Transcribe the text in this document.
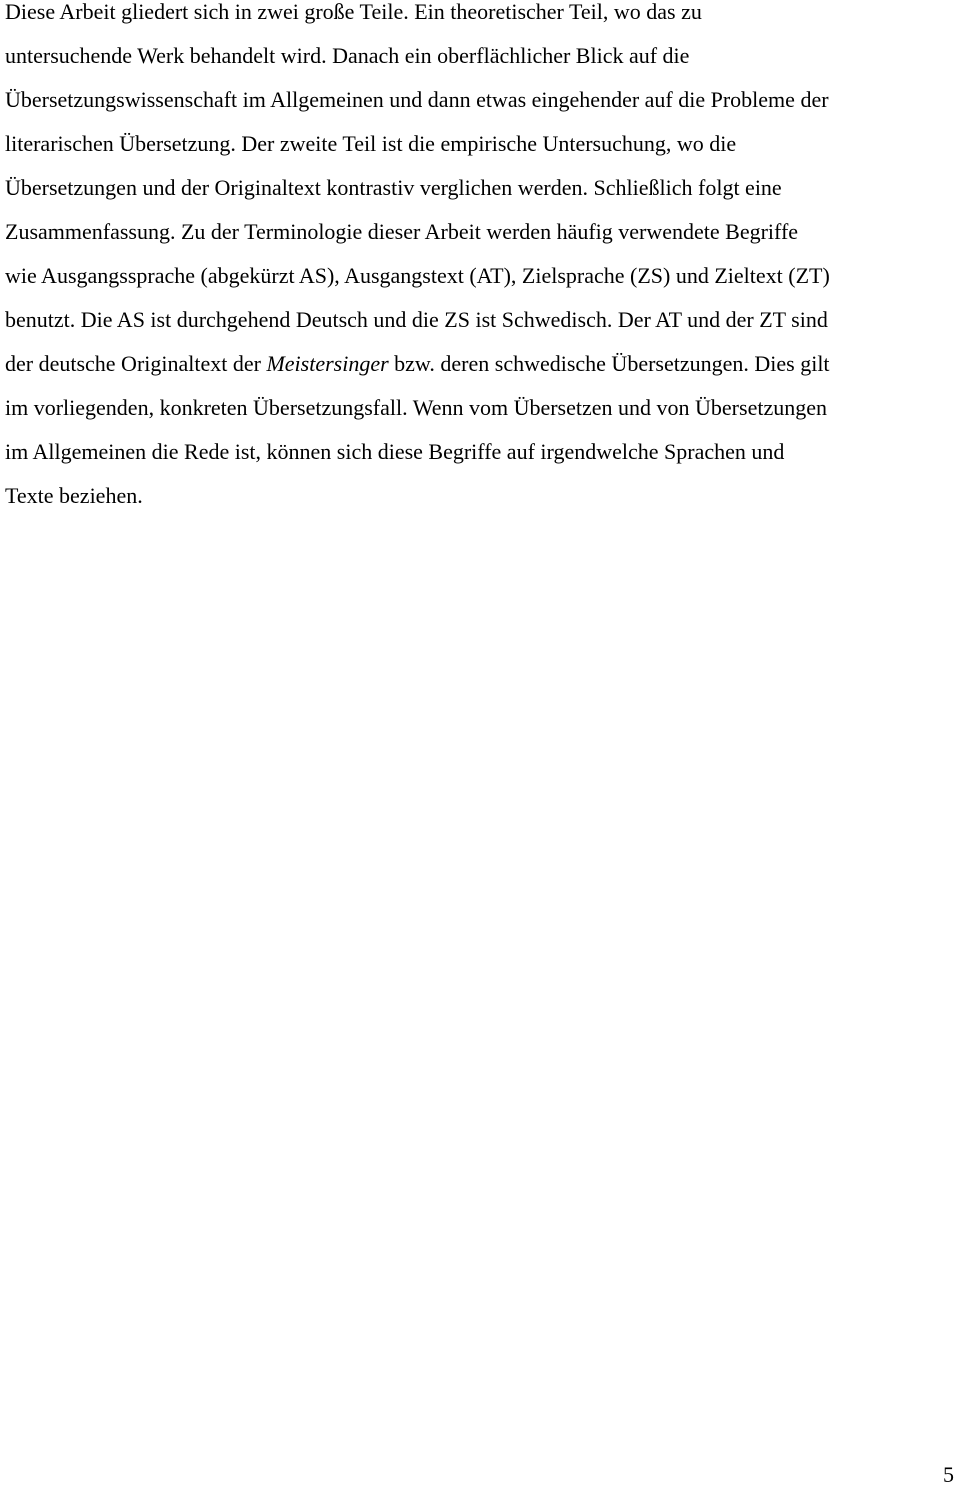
Diese Arbeit gliedert sich in zwei große Teile. Ein theoretischer Teil, wo das zu
untersuchende Werk behandelt wird. Danach ein oberflächlicher Blick auf die
Übersetzungswissenschaft im Allgemeinen und dann etwas eingehender auf die Probleme der
literarischen Übersetzung. Der zweite Teil ist die empirische Untersuchung, wo die
Übersetzungen und der Originaltext kontrastiv verglichen werden. Schließlich folgt eine
Zusammenfassung. Zu der Terminologie dieser Arbeit werden häufig verwendete Begriffe
wie Ausgangssprache (abgekürzt AS), Ausgangstext (AT), Zielsprache (ZS) und Zieltext (ZT)
benutzt. Die AS ist durchgehend Deutsch und die ZS ist Schwedisch. Der AT und der ZT sind
der deutsche Originaltext der Meistersinger bzw. deren schwedische Übersetzungen. Dies gilt
im vorliegenden, konkreten Übersetzungsfall. Wenn vom Übersetzen und von Übersetzungen
im Allgemeinen die Rede ist, können sich diese Begriffe auf irgendwelche Sprachen und
Texte beziehen.
5
